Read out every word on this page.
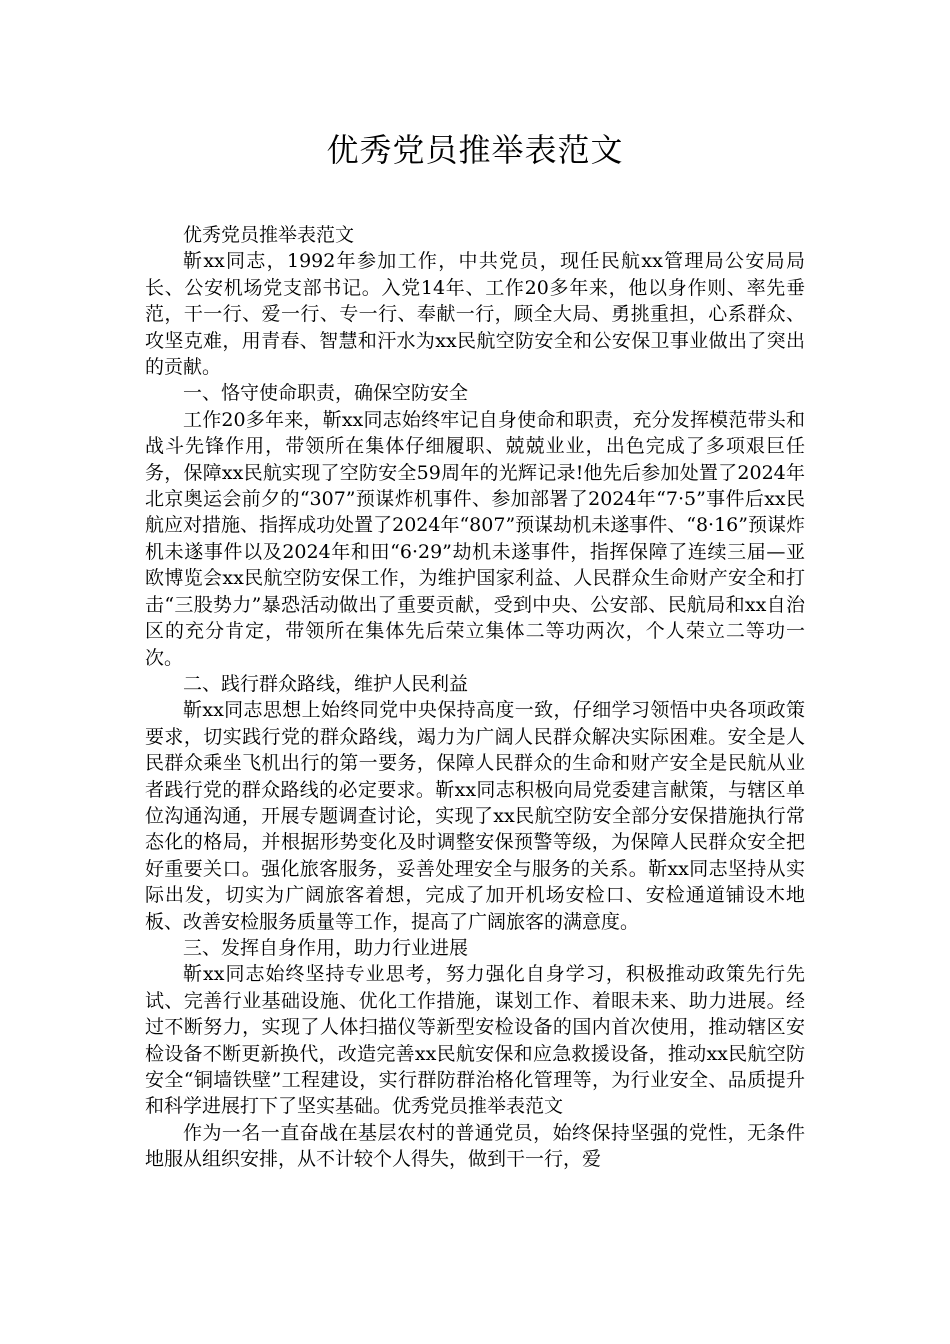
优秀党员推举表范文

优秀党员推举表范文

靳xx同志，1992年参加工作，中共党员，现任民航xx管理局公安局局长、公安机场党支部书记。入党14年、工作20多年来，他以身作则、率先垂范，干一行、爱一行、专一行、奉献一行，顾全大局、勇挑重担，心系群众、攻坚克难，用青春、智慧和汗水为xx民航空防安全和公安保卫事业做出了突出的贡献。

一、恪守使命职责，确保空防安全

工作20多年来，靳xx同志始终牢记自身使命和职责，充分发挥模范带头和战斗先锋作用，带领所在集体仔细履职、兢兢业业，出色完成了多项艰巨任务，保障xx民航实现了空防安全59周年的光辉记录!他先后参加处置了2024年北京奥运会前夕的“307”预谋炸机事件、参加部署了2024年“7·5”事件后xx民航应对措施、指挥成功处置了2024年“807”预谋劫机未遂事件、“8·16”预谋炸机未遂事件以及2024年和田“6·29”劫机未遂事件，指挥保障了连续三届—亚欧博览会xx民航空防安保工作，为维护国家利益、人民群众生命财产安全和打击“三股势力”暴恐活动做出了重要贡献，受到中央、公安部、民航局和xx自治区的充分肯定，带领所在集体先后荣立集体二等功两次，个人荣立二等功一次。

二、践行群众路线，维护人民利益

靳xx同志思想上始终同党中央保持高度一致，仔细学习领悟中央各项政策要求，切实践行党的群众路线，竭力为广阔人民群众解决实际困难。安全是人民群众乘坐飞机出行的第一要务，保障人民群众的生命和财产安全是民航从业者践行党的群众路线的必定要求。靳xx同志积极向局党委建言献策，与辖区单位沟通沟通，开展专题调查讨论，实现了xx民航空防安全部分安保措施执行常态化的格局，并根据形势变化及时调整安保预警等级，为保障人民群众安全把好重要关口。强化旅客服务，妥善处理安全与服务的关系。靳xx同志坚持从实际出发，切实为广阔旅客着想，完成了加开机场安检口、安检通道铺设木地板、改善安检服务质量等工作，提高了广阔旅客的满意度。

三、发挥自身作用，助力行业进展

靳xx同志始终坚持专业思考，努力强化自身学习，积极推动政策先行先试、完善行业基础设施、优化工作措施，谋划工作、着眼未来、助力进展。经过不断努力，实现了人体扫描仪等新型安检设备的国内首次使用，推动辖区安检设备不断更新换代，改造完善xx民航安保和应急救援设备，推动xx民航空防安全“铜墙铁壁”工程建设，实行群防群治格化管理等，为行业安全、品质提升和科学进展打下了坚实基础。优秀党员推举表范文

作为一名一直奋战在基层农村的普通党员，始终保持坚强的党性，无条件地服从组织安排，从不计较个人得失，做到干一行，爱
